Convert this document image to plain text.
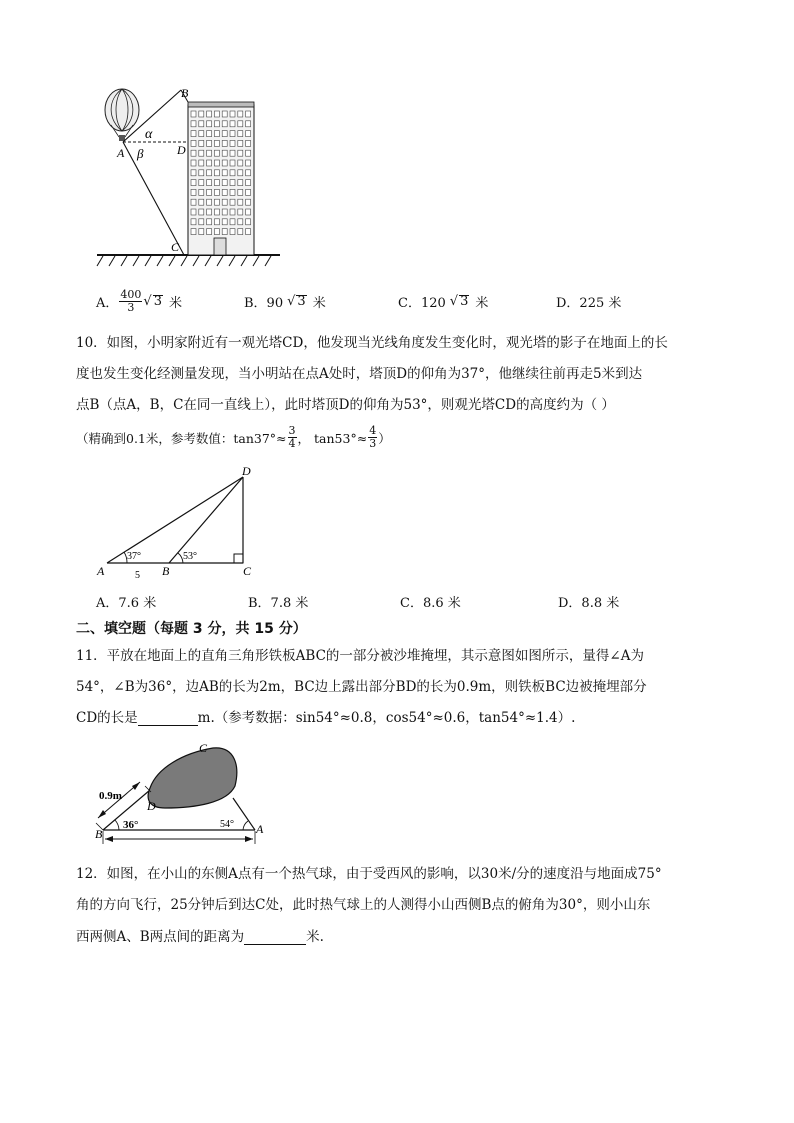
B
A	D
C
α
β
A． $\frac{400}{3}$ √ 3 米	B．90 √ 3 米	C．120 √ 3 米	D．225 米
10．如图，小明家附近有一观光塔CD，他发现当光线角度发生变化时，观光塔的影子在地面上的长
度也发生变化经测量发现，当小明站在点A处时，塔顶D的仰角为37°，他继续往前再走5米到达
点B（点A，B，C在同一直线上），此时塔顶D的仰角为53°，则观光塔CD的高度约为（ ）
（精确到0.1米，参考数值：$\tan 37^\circ\approx \frac{3}{4}$ ， $\tan 53^\circ\approx \frac{4}{3}$ ）
D
A	B	C
37°	53°
5
A．7.6 米	B．7.8 米	C．8.6 米	D．8.8 米
二、填空题（每题 3 分，共 15 分）
11．平放在地面上的直角三角形铁板ABC的一部分被沙堆掩埋，其示意图如图所示，量得∠A为
54°，∠B为36°，边AB的长为2m，BC边上露出部分BD的长为0.9m，则铁板BC边被掩埋部分
CD的长是	m.（参考数据：sin54°≈0.8，cos54°≈0.6，tan54°≈1.4）.
C
D
B	A
0.9m
36°	54°
12．如图，在小山的东侧A点有一个热气球，由于受西风的影响，以30米/分的速度沿与地面成75°
角的方向飞行，25分钟后到达C处，此时热气球上的人测得小山西侧B点的俯角为30°，则小山东
西两侧A、B两点间的距离为	米.
